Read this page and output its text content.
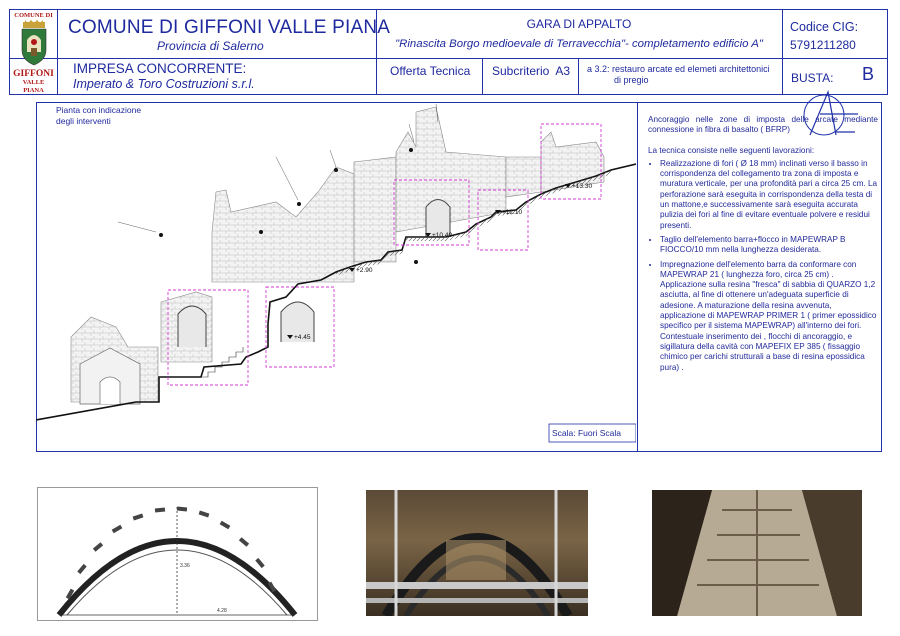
COMUNE DI
GIFFONI
VALLE PIANA
COMUNE DI GIFFONI VALLE PIANA
Provincia di Salerno
GARA DI APPALTO
"Rinascita Borgo medioevale di Terravecchia"- completamento edificio A"
Codice CIG:
5791211280
IMPRESA CONCORRENTE:
Imperato & Toro Costruzioni s.r.l.
Offerta Tecnica Subcriterio  A3 a 3.2: restauro arcate ed elemeti architettonici
di pregio	BUSTA: B
Pianta con indicazione
degli interventi
+13.30
+12.10
+10.40
+2.90
+4.45
Scala: Fuori Scala
Ancoraggio nelle zone di imposta delle arcate mediante connessione in fibra di basalto ( BFRP)
La tecnica consiste nelle seguenti lavorazioni:
• Realizzazione di fori ( Ø 18 mm) inclinati verso il basso in corrispondenza del collegamento tra zona di imposta e muratura verticale, per una profondità pari a circa 25 cm. La perforazione sarà eseguita in corrispondenza della testa di un mattone,e successivamente sarà eseguita accurata pulizia dei fori al fine di evitare eventuale polvere e residui presenti.
• Taglio dell'elemento barra+flocco in MAPEWRAP B FIOCCO/10 mm nella lunghezza desiderata.
• Impregnazione dell'elemento barra da conformare con MAPEWRAP 21 ( lunghezza foro, circa 25 cm) . Applicazione sulla resina "fresca" di sabbia di QUARZO 1,2 asciutta, al fine di ottenere un'adeguata superficie di adesione. A maturazione della resina avvenuta, applicazione di MAPEWRAP PRIMER 1 ( primer epossidico specifico per il sistema MAPEWRAP) all'interno dei fori. Contestuale inserimento dei , flocchi di ancoraggio, e sigillatura della cavità con MAPEFIX EP 385 ( fissaggio chimico per carichi strutturali a base di resina epossidica pura) .
3.36
4.28
